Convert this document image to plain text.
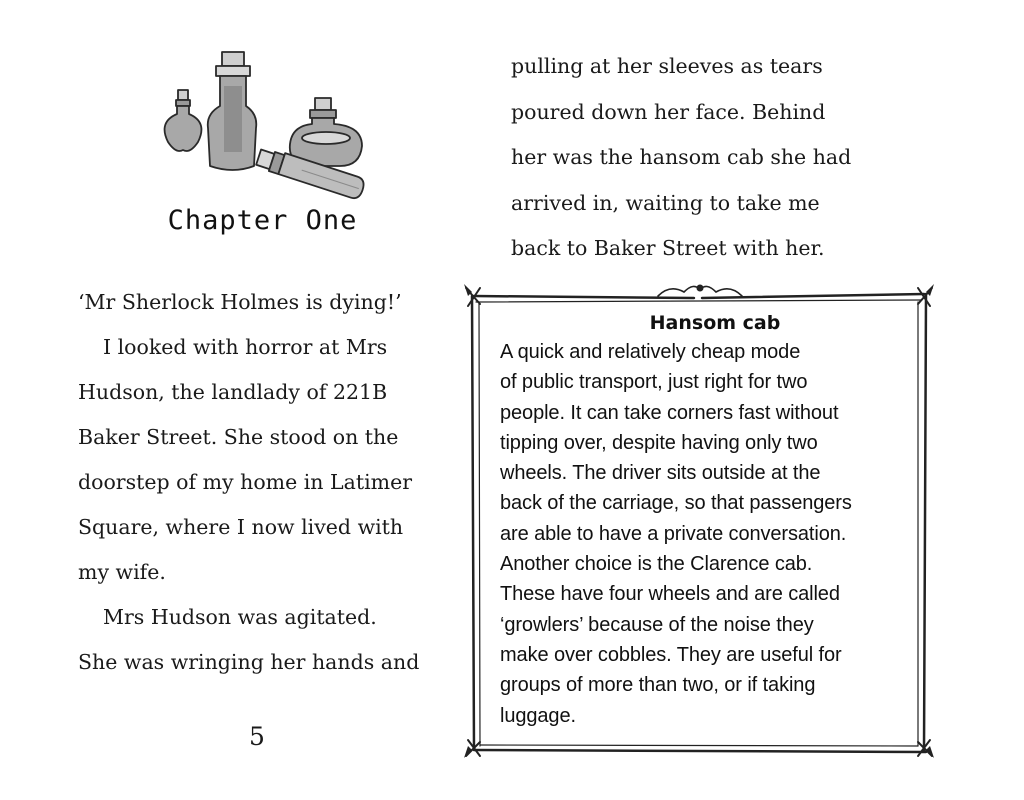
Chapter One
‘Mr Sherlock Holmes is dying!’
I looked with horror at Mrs
Hudson, the landlady of 221B
Baker Street. She stood on the
doorstep of my home in Latimer
Square, where I now lived with
my wife.
Mrs Hudson was agitated.
She was wringing her hands and
pulling at her sleeves as tears
poured down her face. Behind
her was the hansom cab she had
arrived in, waiting to take me
back to Baker Street with her.
Hansom cab
A quick and relatively cheap mode
of public transport, just right for two
people. It can take corners fast without
tipping over, despite having only two
wheels. The driver sits outside at the
back of the carriage, so that passengers
are able to have a private conversation.
Another choice is the Clarence cab.
These have four wheels and are called
‘growlers’ because of the noise they
make over cobbles. They are useful for
groups of more than two, or if taking
luggage.
5
